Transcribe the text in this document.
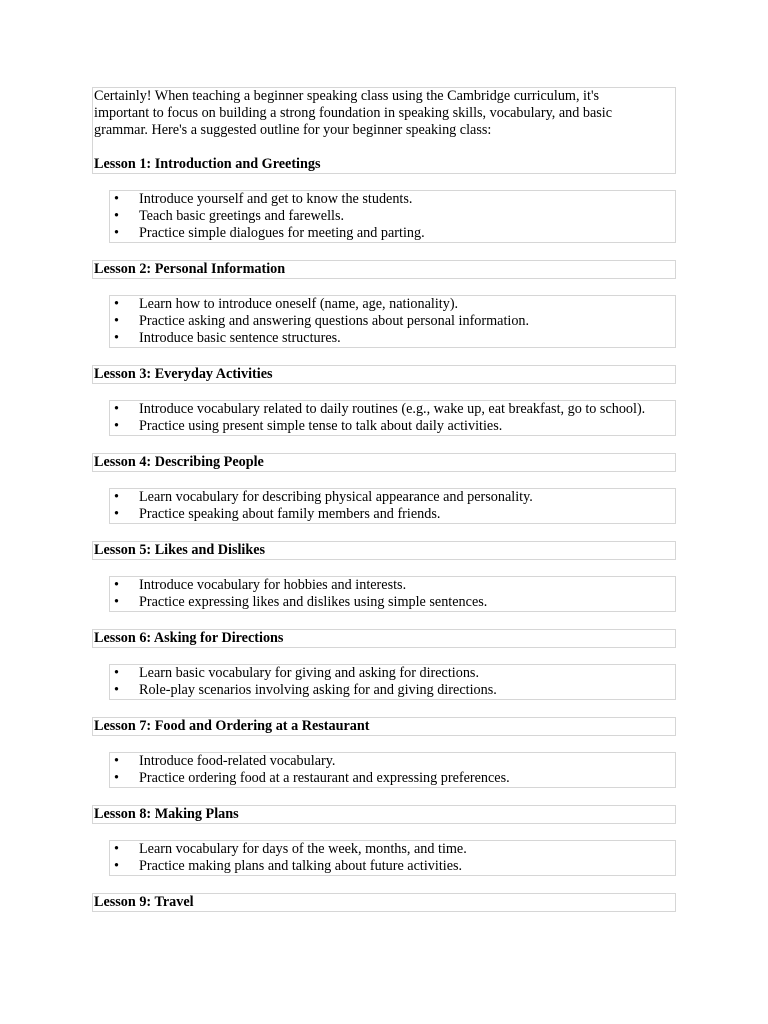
Certainly! When teaching a beginner speaking class using the Cambridge curriculum, it's
important to focus on building a strong foundation in speaking skills, vocabulary, and basic
grammar. Here's a suggested outline for your beginner speaking class:

Lesson 1: Introduction and Greetings

• Introduce yourself and get to know the students.
• Teach basic greetings and farewells.
• Practice simple dialogues for meeting and parting.
Lesson 2: Personal Information
• Learn how to introduce oneself (name, age, nationality).
• Practice asking and answering questions about personal information.
• Introduce basic sentence structures.
Lesson 3: Everyday Activities
• Introduce vocabulary related to daily routines (e.g., wake up, eat breakfast, go to school).
• Practice using present simple tense to talk about daily activities.
Lesson 4: Describing People
• Learn vocabulary for describing physical appearance and personality.
• Practice speaking about family members and friends.
Lesson 5: Likes and Dislikes
• Introduce vocabulary for hobbies and interests.
• Practice expressing likes and dislikes using simple sentences.
Lesson 6: Asking for Directions
• Learn basic vocabulary for giving and asking for directions.
• Role-play scenarios involving asking for and giving directions.
Lesson 7: Food and Ordering at a Restaurant
• Introduce food-related vocabulary.
• Practice ordering food at a restaurant and expressing preferences.
Lesson 8: Making Plans
• Learn vocabulary for days of the week, months, and time.
• Practice making plans and talking about future activities.
Lesson 9: Travel
